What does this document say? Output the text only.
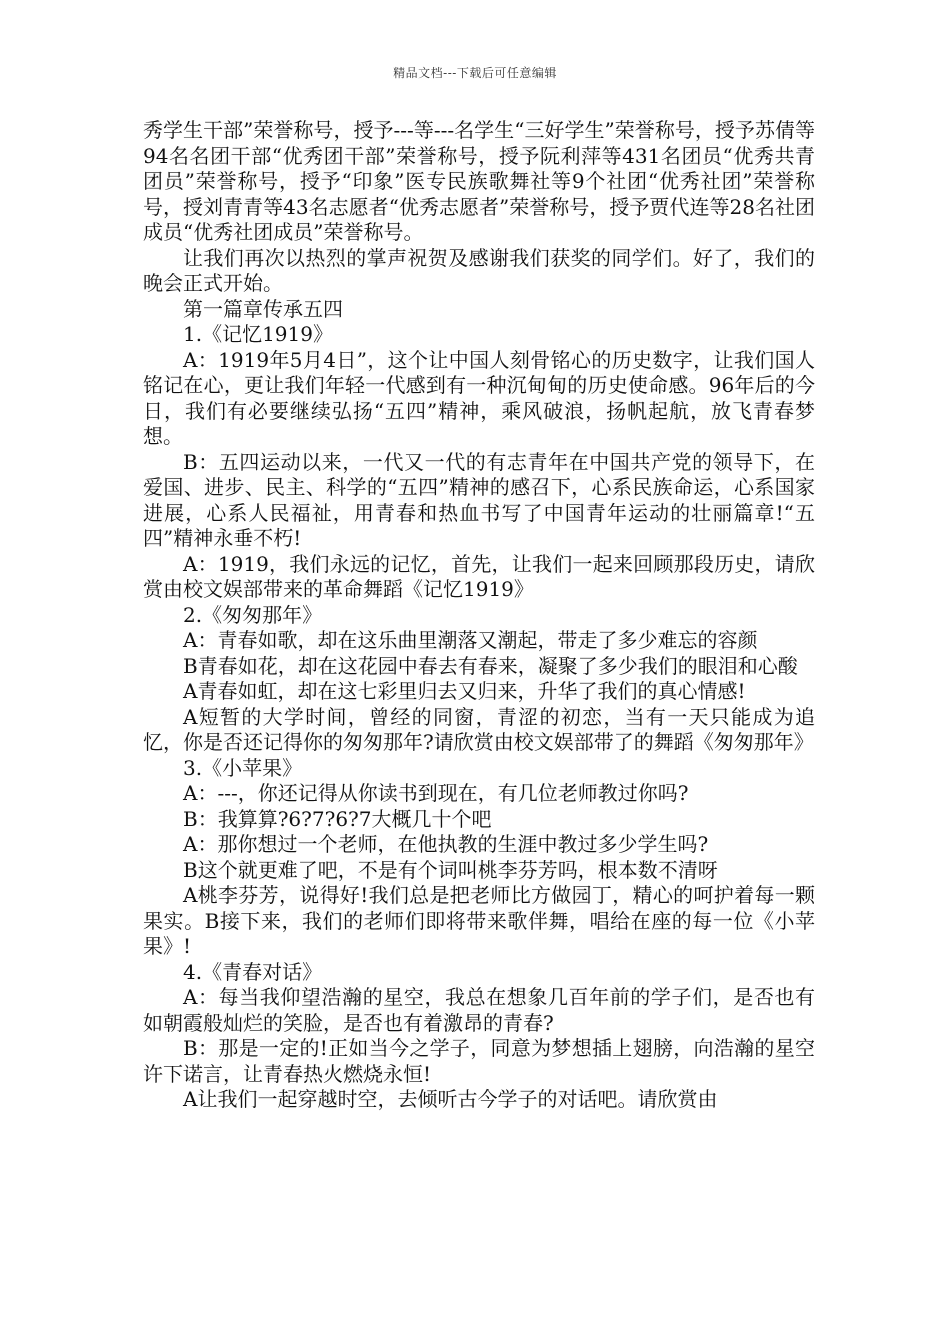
精品文档---下载后可任意编辑

秀学生干部”荣誉称号，授予---等---名学生“三好学生”荣誉称号，授予苏倩等94名名团干部“优秀团干部”荣誉称号，授予阮利萍等431名团员“优秀共青团员”荣誉称号，授予“印象”医专民族歌舞社等9个社团“优秀社团”荣誉称号，授刘青青等43名志愿者“优秀志愿者”荣誉称号，授予贾代连等28名社团成员“优秀社团成员”荣誉称号。

让我们再次以热烈的掌声祝贺及感谢我们获奖的同学们。好了，我们的晚会正式开始。

第一篇章传承五四

1.《记忆1919》

A：1919年5月4日”，这个让中国人刻骨铭心的历史数字，让我们国人铭记在心，更让我们年轻一代感到有一种沉甸甸的历史使命感。96年后的今日，我们有必要继续弘扬“五四”精神，乘风破浪，扬帆起航，放飞青春梦想。

B：五四运动以来，一代又一代的有志青年在中国共产党的领导下，在爱国、进步、民主、科学的“五四”精神的感召下，心系民族命运，心系国家进展，心系人民福祉，用青春和热血书写了中国青年运动的壮丽篇章!“五四”精神永垂不朽!

A：1919，我们永远的记忆，首先，让我们一起来回顾那段历史，请欣赏由校文娱部带来的革命舞蹈《记忆1919》

2.《匆匆那年》

A：青春如歌，却在这乐曲里潮落又潮起，带走了多少难忘的容颜

B青春如花，却在这花园中春去有春来，凝聚了多少我们的眼泪和心酸

A青春如虹，却在这七彩里归去又归来，升华了我们的真心情感!

A短暂的大学时间，曾经的同窗，青涩的初恋，当有一天只能成为追忆，你是否还记得你的匆匆那年?请欣赏由校文娱部带了的舞蹈《匆匆那年》

3.《小苹果》

A：---，你还记得从你读书到现在，有几位老师教过你吗?

B：我算算?6?7?6?7大概几十个吧

A：那你想过一个老师，在他执教的生涯中教过多少学生吗?

B这个就更难了吧，不是有个词叫桃李芬芳吗，根本数不清呀

A桃李芬芳，说得好!我们总是把老师比方做园丁，精心的呵护着每一颗果实。B接下来，我们的老师们即将带来歌伴舞，唱给在座的每一位《小苹果》!

4.《青春对话》

A：每当我仰望浩瀚的星空，我总在想象几百年前的学子们，是否也有如朝霞般灿烂的笑脸，是否也有着激昂的青春?

B：那是一定的!正如当今之学子，同意为梦想插上翅膀，向浩瀚的星空许下诺言，让青春热火燃烧永恒!

A让我们一起穿越时空，去倾听古今学子的对话吧。请欣赏由
